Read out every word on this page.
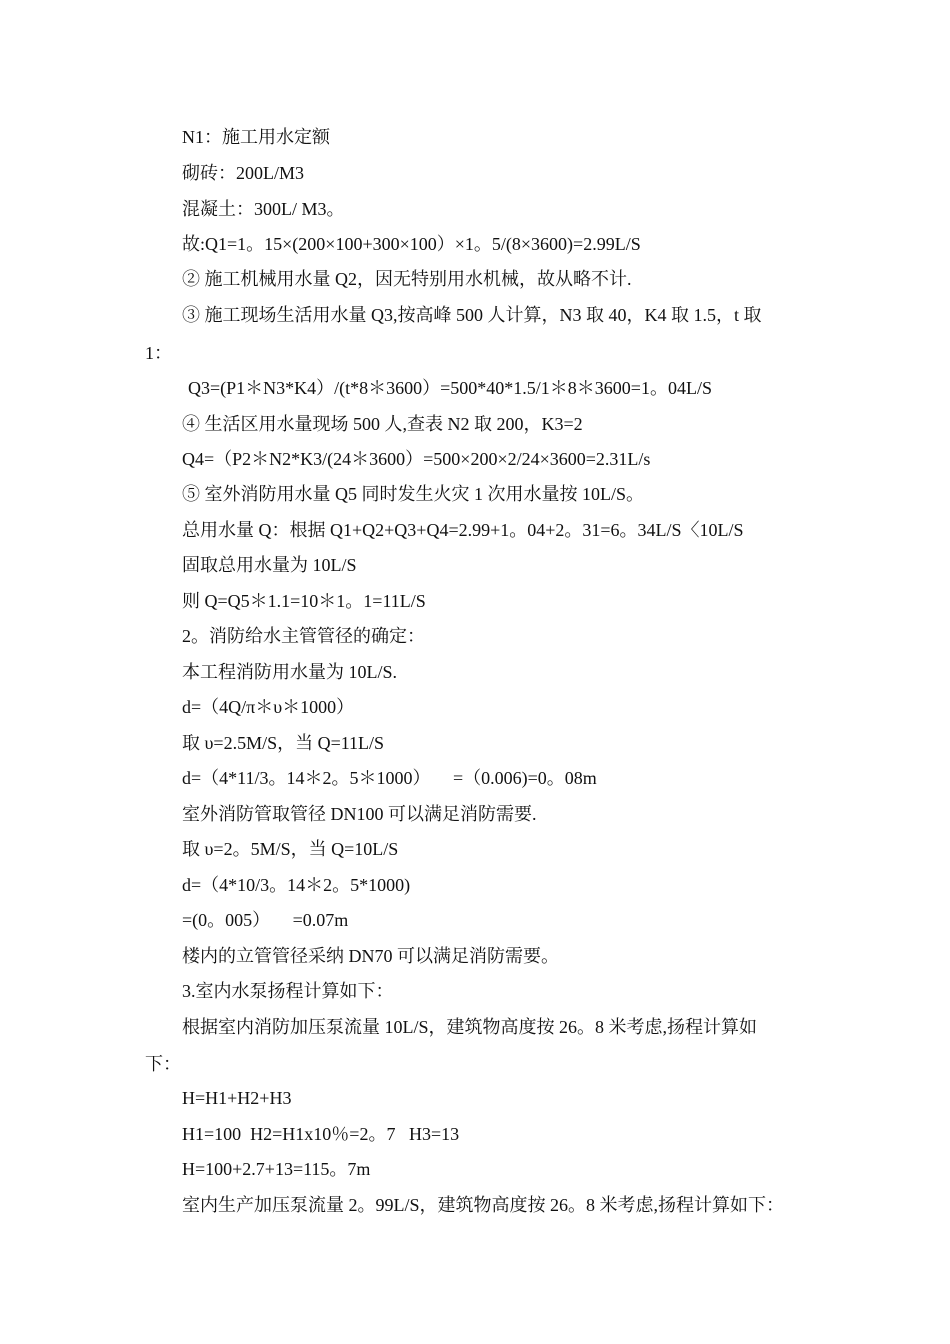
N1：施工用水定额
砌砖：200L/M3
混凝土：300L/ M3。
故:Q1=1。15×(200×100+300×100）×1。5/(8×3600)=2.99L/S
② 施工机械用水量 Q2，因无特别用水机械，故从略不计.
③ 施工现场生活用水量 Q3,按高峰 500 人计算，N3 取 40，K4 取 1.5，t 取
1：
Q3=(P1＊N3*K4）/(t*8＊3600）=500*40*1.5/1＊8＊3600=1。04L/S
④ 生活区用水量现场 500 人,查表 N2 取 200，K3=2
Q4=（P2＊N2*K3/(24＊3600）=500×200×2/24×3600=2.31L/s
⑤ 室外消防用水量 Q5 同时发生火灾 1 次用水量按 10L/S。
总用水量 Q：根据 Q1+Q2+Q3+Q4=2.99+1。04+2。31=6。34L/S〈10L/S
固取总用水量为 10L/S
则 Q=Q5＊1.1=10＊1。1=11L/S
2。消防给水主管管径的确定：
本工程消防用水量为 10L/S.
d=（4Q/π＊υ＊1000）
取 υ=2.5M/S，当 Q=11L/S
d=（4*11/3。14＊2。5＊1000）     =（0.006)=0。08m
室外消防管取管径 DN100 可以满足消防需要.
取 υ=2。5M/S，当 Q=10L/S
d=（4*10/3。14＊2。5*1000)
=(0。005）     =0.07m
楼内的立管管径采纳 DN70 可以满足消防需要。
3.室内水泵扬程计算如下：
根据室内消防加压泵流量 10L/S，建筑物高度按 26。8 米考虑,扬程计算如
下：
H=H1+H2+H3
H1=100  H2=H1x10％=2。7   H3=13
H=100+2.7+13=115。7m
室内生产加压泵流量 2。99L/S，建筑物高度按 26。8 米考虑,扬程计算如下：
